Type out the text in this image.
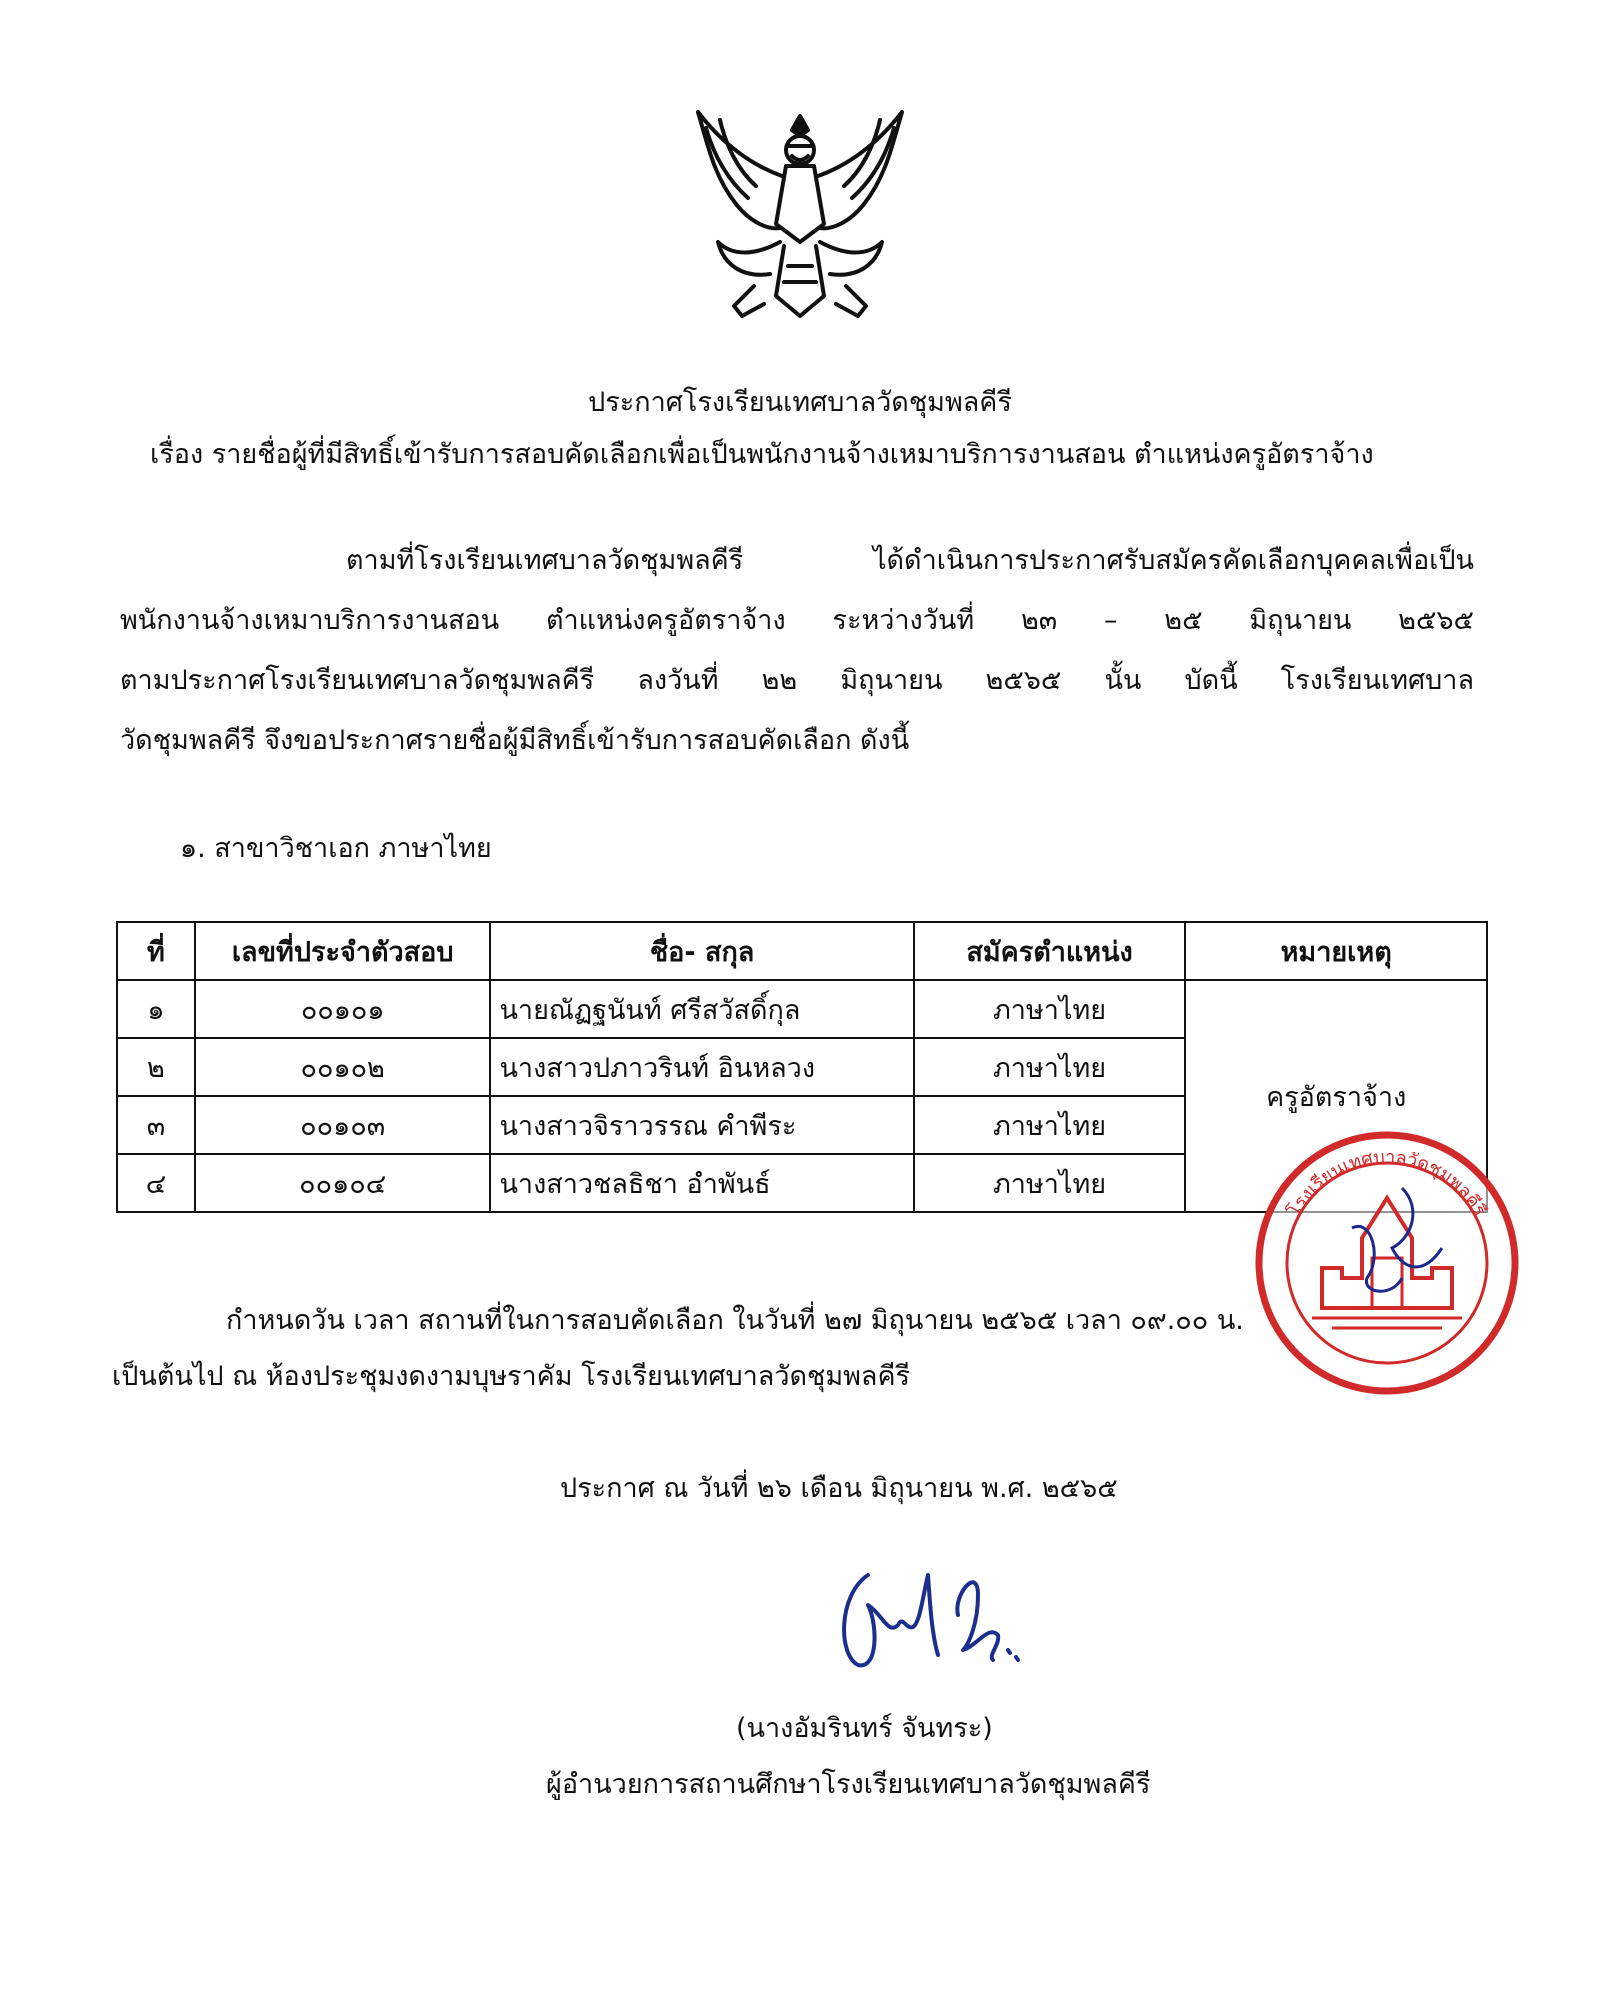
ประกาศโรงเรียนเทศบาลวัดชุมพลคีรี
เรื่อง รายชื่อผู้ที่มีสิทธิ์เข้ารับการสอบคัดเลือกเพื่อเป็นพนักงานจ้างเหมาบริการงานสอน ตำแหน่งครูอัตราจ้าง
ตามที่โรงเรียนเทศบาลวัดชุมพลคีรี ได้ดำเนินการประกาศรับสมัครคัดเลือกบุคคลเพื่อเป็น
พนักงานจ้างเหมาบริการงานสอน ตำแหน่งครูอัตราจ้าง ระหว่างวันที่ ๒๓ – ๒๕ มิถุนายน ๒๕๖๕
ตามประกาศโรงเรียนเทศบาลวัดชุมพลคีรี ลงวันที่ ๒๒ มิถุนายน ๒๕๖๕ นั้น บัดนี้ โรงเรียนเทศบาล
วัดชุมพลคีรี จึงขอประกาศรายชื่อผู้มีสิทธิ์เข้ารับการสอบคัดเลือก ดังนี้
๑. สาขาวิชาเอก ภาษาไทย
ที่	เลขที่ประจำตัวสอบ	ชื่อ- สกุล	สมัครตำแหน่ง	หมายเหตุ
๑	๐๐๑๐๑	นายณัฏฐนันท์ ศรีสวัสดิ์กุล	ภาษาไทย	ครูอัตราจ้าง
๒	๐๐๑๐๒	นางสาวปภาวรินท์ อินหลวง	ภาษาไทย	
๓	๐๐๑๐๓	นางสาวจิราวรรณ คำพีระ	ภาษาไทย	
๔	๐๐๑๐๔	นางสาวชลธิชา อำพันธ์	ภาษาไทย	
กำหนดวัน เวลา สถานที่ในการสอบคัดเลือก ในวันที่ ๒๗ มิถุนายน ๒๕๖๕ เวลา ๐๙.๐๐ น.
เป็นต้นไป ณ ห้องประชุมงดงามบุษราคัม โรงเรียนเทศบาลวัดชุมพลคีรี
โรงเรียนเทศบาลวัดชุมพลคีรี
ประกาศ ณ วันที่ ๒๖ เดือน มิถุนายน พ.ศ. ๒๕๖๕
(นางอัมรินทร์ จันทระ)
ผู้อำนวยการสถานศึกษาโรงเรียนเทศบาลวัดชุมพลคีรี
